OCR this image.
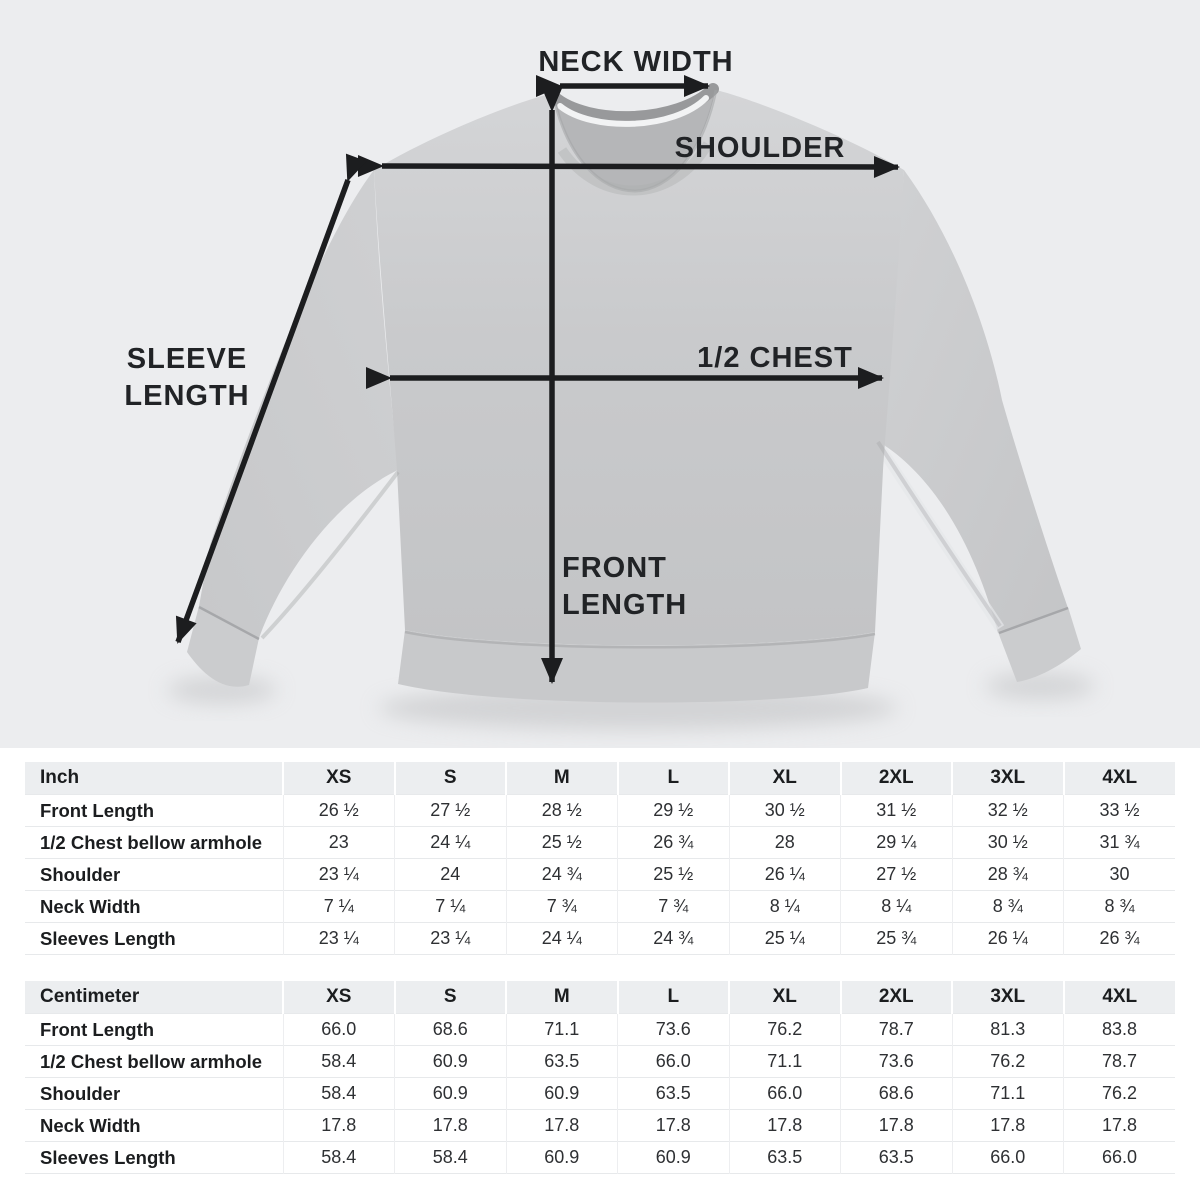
NECK WIDTH
SHOULDER
SLEEVE
LENGTH
1/2 CHEST
FRONT
LENGTH
Inch	XS	S	M	L	XL	2XL	3XL	4XL
Front Length	26 ½	27 ½	28 ½	29 ½	30 ½	31 ½	32 ½	33 ½
1/2 Chest bellow armhole	23	24 ¼	25 ½	26 ¾	28	29 ¼	30 ½	31 ¾
Shoulder	23 ¼	24	24 ¾	25 ½	26 ¼	27 ½	28 ¾	30
Neck Width	7 ¼	7 ¼	7 ¾	7 ¾	8 ¼	8 ¼	8 ¾	8 ¾
Sleeves Length	23 ¼	23 ¼	24 ¼	24 ¾	25 ¼	25 ¾	26 ¼	26 ¾
Centimeter	XS	S	M	L	XL	2XL	3XL	4XL
Front Length	66.0	68.6	71.1	73.6	76.2	78.7	81.3	83.8
1/2 Chest bellow armhole	58.4	60.9	63.5	66.0	71.1	73.6	76.2	78.7
Shoulder	58.4	60.9	60.9	63.5	66.0	68.6	71.1	76.2
Neck Width	17.8	17.8	17.8	17.8	17.8	17.8	17.8	17.8
Sleeves Length	58.4	58.4	60.9	60.9	63.5	63.5	66.0	66.0
